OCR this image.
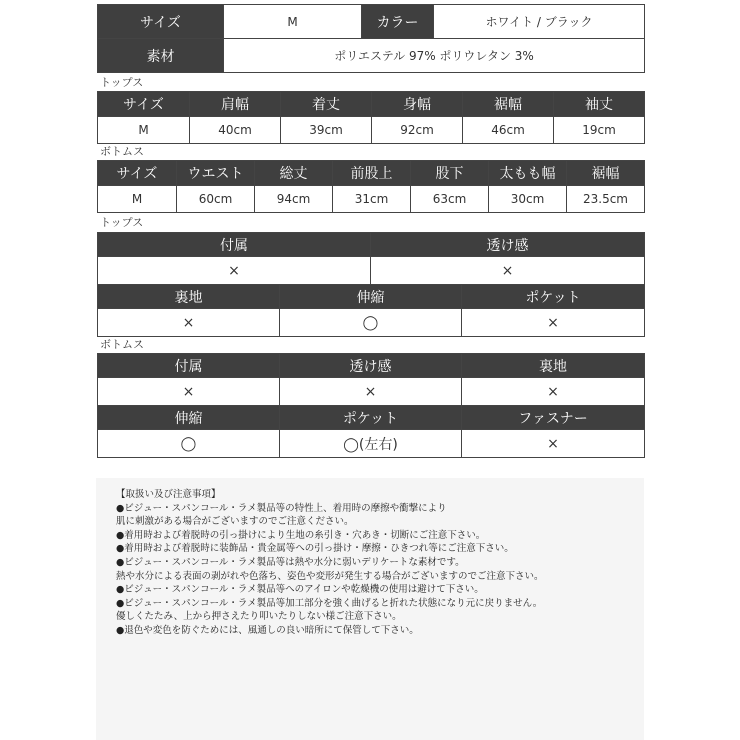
サイズ	M	カラー	ホワイト / ブラック
素材	ポリエステル 97% ポリウレタン 3%		
トップス
サイズ	肩幅	着丈	身幅	裾幅	袖丈
M	40cm	39cm	92cm	46cm	19cm
ボトムス
サイズ	ウエスト	総丈	前股上	股下	太もも幅	裾幅
M	60cm	94cm	31cm	63cm	30cm	23.5cm
トップス
付属		透け感	
×		×	
裏地	伸縮		ポケット
×	◯		×
ボトムス
付属	透け感	裏地
×	×	×
伸縮	ポケット	ファスナー
◯	◯(左右)	×
【取扱い及び注意事項】
●ビジュー・スパンコール・ラメ製品等の特性上、着用時の摩擦や衝撃により
肌に刺激がある場合がございますのでご注意ください。
●着用時および着脱時の引っ掛けにより生地の糸引き・穴あき・切断にご注意下さい。
●着用時および着脱時に装飾品・貴金属等への引っ掛け・摩擦・ひきつれ等にご注意下さい。
●ビジュー・スパンコール・ラメ製品等は熱や水分に弱いデリケートな素材です。
熱や水分による表面の剥がれや色落ち、姿色や変形が発生する場合がございますのでご注意下さい。
●ビジュー・スパンコール・ラメ製品等へのアイロンや乾燥機の使用は避けて下さい。
●ビジュー・スパンコール・ラメ製品等加工部分を強く曲げると折れた状態になり元に戻りません。
優しくたたみ、上から押さえたり叩いたりしない様ご注意下さい。
●退色や変色を防ぐためには、風通しの良い暗所にて保管して下さい。
